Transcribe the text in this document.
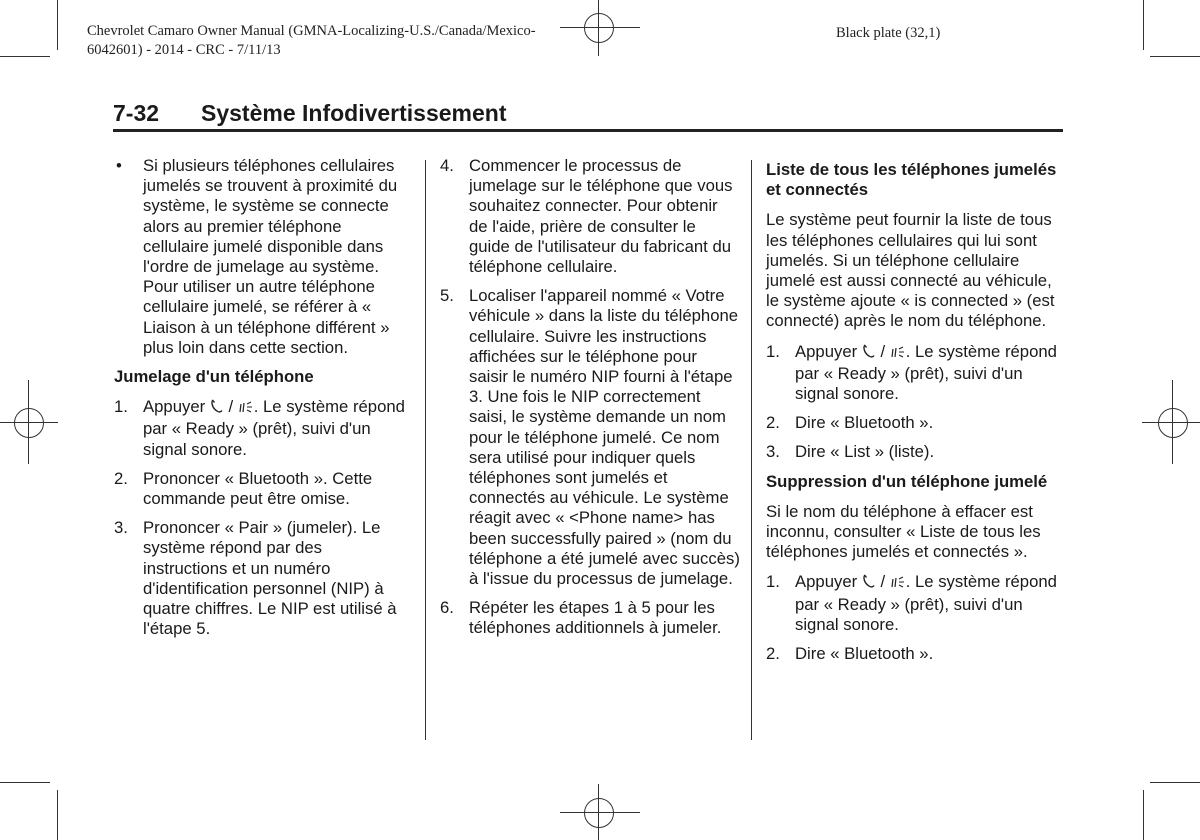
Chevrolet Camaro Owner Manual (GMNA-Localizing-U.S./Canada/Mexico-
6042601) - 2014 - CRC - 7/11/13
Black plate (32,1)
7-32 Système Infodivertissement
• Si plusieurs téléphones cellulaires jumelés se trouvent à proximité du système, le système se connecte alors au premier téléphone cellulaire jumelé disponible dans l'ordre de jumelage au système. Pour utiliser un autre téléphone cellulaire jumelé, se référer à « Liaison à un téléphone différent » plus loin dans cette section.
Jumelage d'un téléphone
1. Appuyer / . Le système répond par « Ready » (prêt), suivi d'un signal sonore.
2. Prononcer « Bluetooth ». Cette commande peut être omise.
3. Prononcer « Pair » (jumeler). Le système répond par des instructions et un numéro d'identification personnel (NIP) à quatre chiffres. Le NIP est utilisé à l'étape 5.
4. Commencer le processus de jumelage sur le téléphone que vous souhaitez connecter. Pour obtenir de l'aide, prière de consulter le guide de l'utilisateur du fabricant du téléphone cellulaire.
5. Localiser l'appareil nommé « Votre véhicule » dans la liste du téléphone cellulaire. Suivre les instructions affichées sur le téléphone pour saisir le numéro NIP fourni à l'étape 3. Une fois le NIP correctement saisi, le système demande un nom pour le téléphone jumelé. Ce nom sera utilisé pour indiquer quels téléphones sont jumelés et connectés au véhicule. Le système réagit avec « <Phone name> has been successfully paired » (nom du téléphone a été jumelé avec succès) à l'issue du processus de jumelage.
6. Répéter les étapes 1 à 5 pour les téléphones additionnels à jumeler.
Liste de tous les téléphones jumelés et connectés
Le système peut fournir la liste de tous les téléphones cellulaires qui lui sont jumelés. Si un téléphone cellulaire jumelé est aussi connecté au véhicule, le système ajoute « is connected » (est connecté) après le nom du téléphone.
1. Appuyer / . Le système répond par « Ready » (prêt), suivi d'un signal sonore.
2. Dire « Bluetooth ».
3. Dire « List » (liste).
Suppression d'un téléphone jumelé
Si le nom du téléphone à effacer est inconnu, consulter « Liste de tous les téléphones jumelés et connectés ».
1. Appuyer / . Le système répond par « Ready » (prêt), suivi d'un signal sonore.
2. Dire « Bluetooth ».
